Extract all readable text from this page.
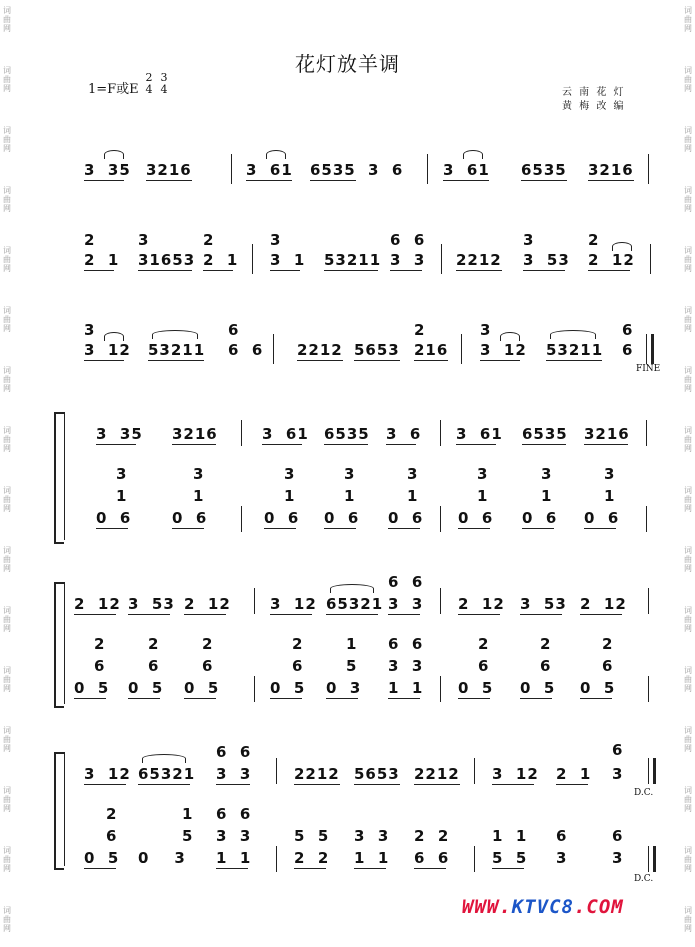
词
曲
网
词
曲
网
词
曲
网
词
曲
网
词
曲
网
词
曲
网
词
曲
网
词
曲
网
词
曲
网
词
曲
网
词
曲
网
词
曲
网
词
曲
网
词
曲
网
词
曲
网
词
曲
网
词
曲
网
词
曲
网
词
曲
网
词
曲
网
词
曲
网
词
曲
网
词
曲
网
词
曲
网
词
曲
网
词
曲
网
词
曲
网
词
曲
网
词
曲
网
词
曲
网
词
曲
网
词
曲
网
花灯放羊调
1=F或E
2
4
3
4	云 南 花 灯
黄 梅 改 编
3  35 3216	3  61 6535 3  6	3  61 6535 3216
2	3	2	3	6  6	3	2
2  1 31653 2  1 3  1 53211 3  3 2212 3  53 2  12
3	6	2	3	6
3  12 53211 6  6 2212 5653 216 3  12 53211 6
FINE
3  35 3216	3  61 6535 3  6 3  61 6535 3216
3	3	3	3	3	3	3	3
1	1	1	1	1	1	1	1
0  6	0  6	0  6 0  6 0  6 0  6 0  6 0  6
6  6
2  12 3  53 2  12	3  12 65321 3  3 2  12 3  53 2  12
2	2	2	2	1 6  6	2	2	2
6	6	6	6	5 3  3	6	6	6
0  5 0  5 0  5	0  5 0  3 1  1 0  5 0  5 0  5
6  6	6
3  12 65321 3  3	2212 5653 2212 3  12 2  1 3
D.C.
2	1 6  6
6	5 3  3	5  5 3  3 2  2	1  1 6	6
0  5 0    3 1  1	2  2 1  1 6  6	5  5 3	3
D.C.
WWW.KTVC8.COM
